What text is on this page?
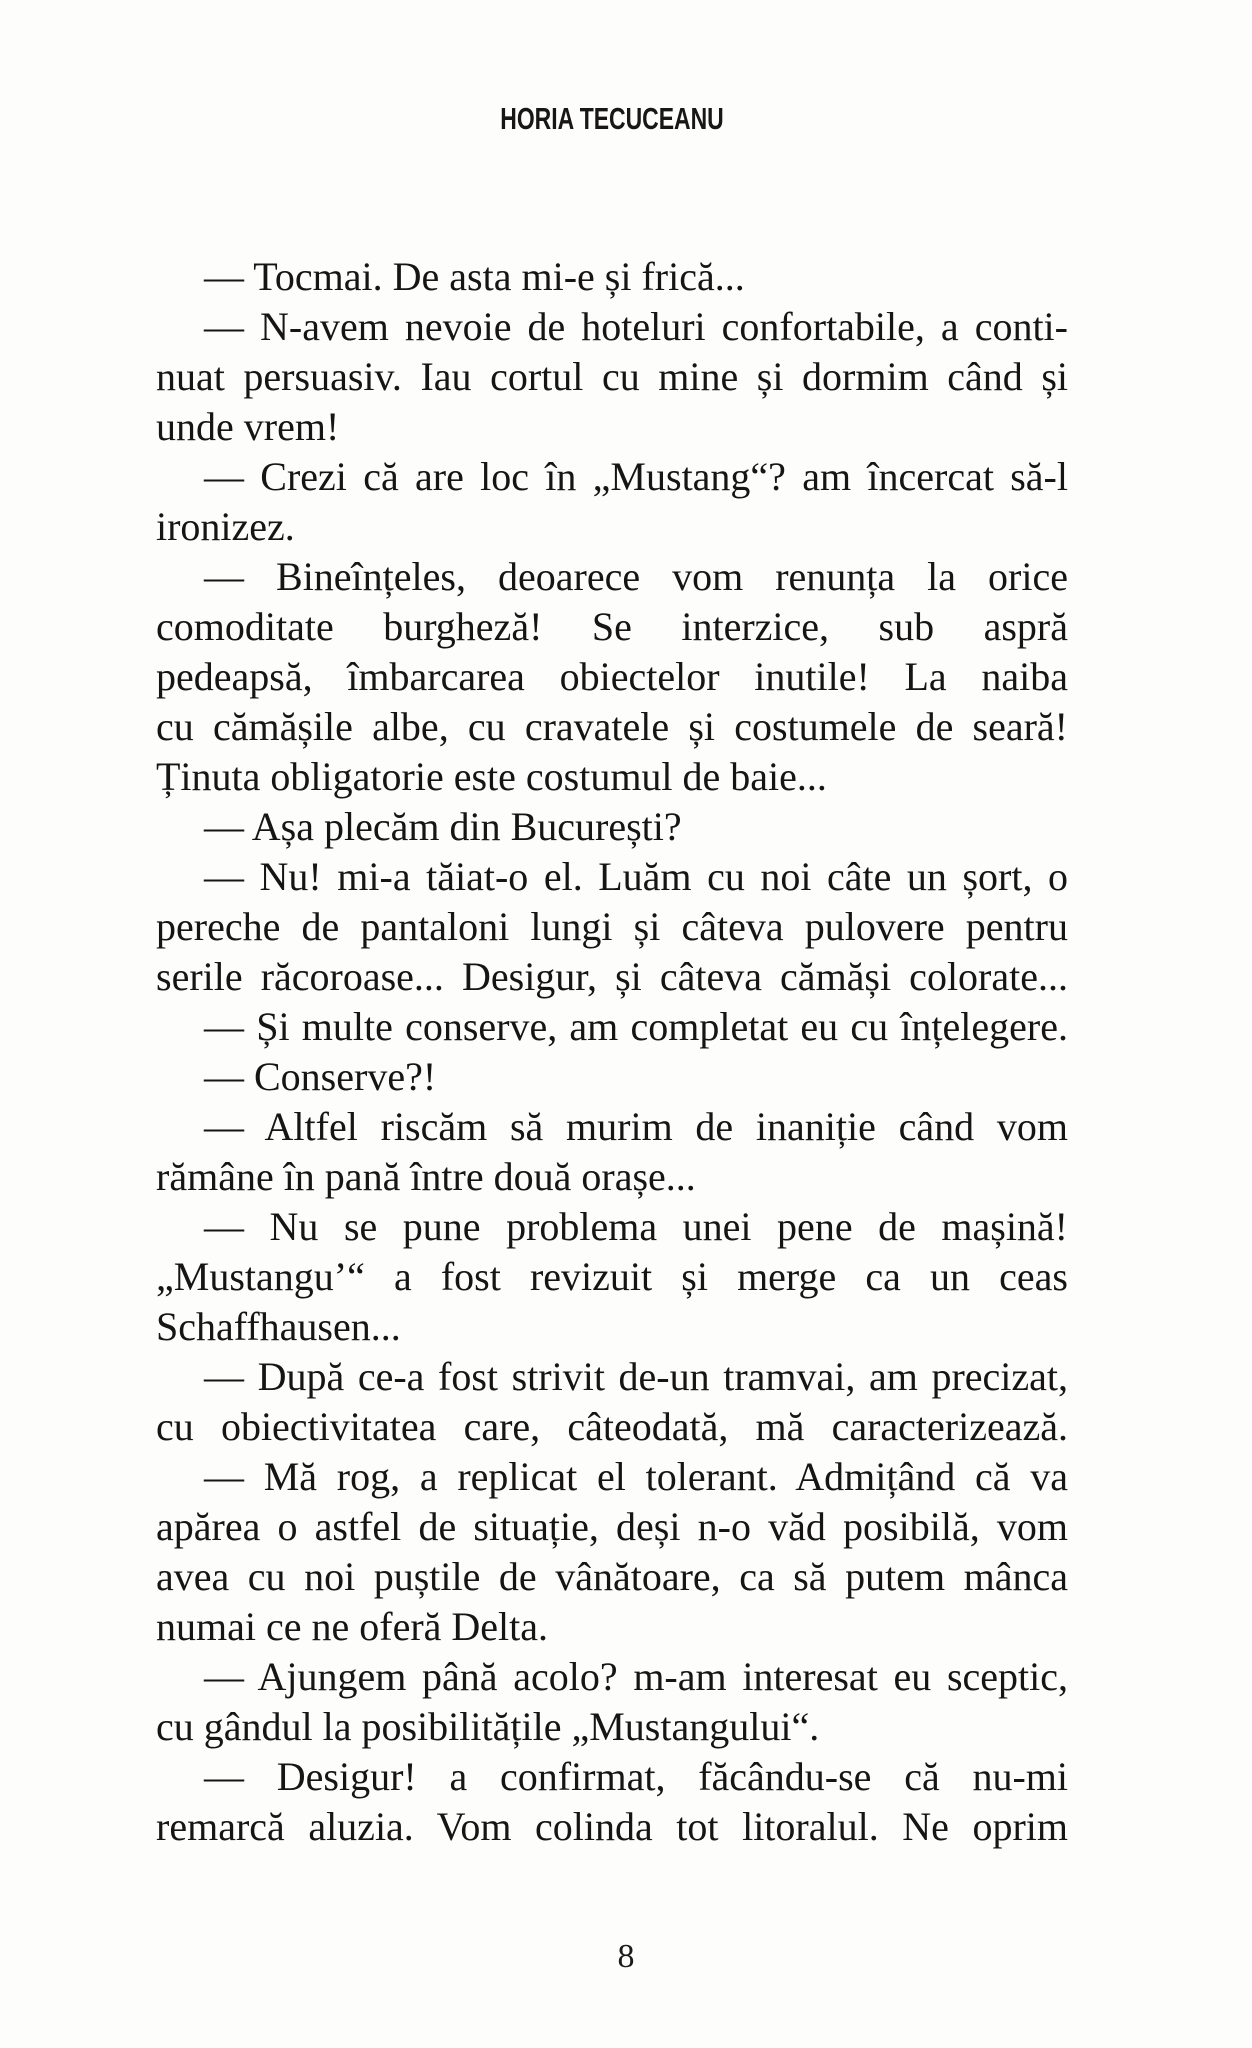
HORIA TECUCEANU
— Tocmai. De asta mi-e și frică...
— N-avem nevoie de hoteluri confortabile, a conti-
nuat persuasiv. Iau cortul cu mine și dormim când și
unde vrem!
— Crezi că are loc în „Mustang“? am încercat să-l
ironizez.
— Bineînțeles, deoarece vom renunța la orice
comoditate burgheză! Se interzice, sub aspră
pedeapsă, îmbarcarea obiectelor inutile! La naiba
cu cămășile albe, cu cravatele și costumele de seară!
Ținuta obligatorie este costumul de baie...
— Așa plecăm din București?
— Nu! mi-a tăiat-o el. Luăm cu noi câte un șort, o
pereche de pantaloni lungi și câteva pulovere pentru
serile răcoroase... Desigur, și câteva cămăși colorate...
— Și multe conserve, am completat eu cu înțelegere.
— Conserve?!
— Altfel riscăm să murim de inaniție când vom
rămâne în pană între două orașe...
— Nu se pune problema unei pene de mașină!
„Mustangu’“ a fost revizuit și merge ca un ceas
Schaffhausen...
— După ce-a fost strivit de-un tramvai, am precizat,
cu obiectivitatea care, câteodată, mă caracterizează.
— Mă rog, a replicat el tolerant. Admițând că va
apărea o astfel de situație, deși n-o văd posibilă, vom
avea cu noi puștile de vânătoare, ca să putem mânca
numai ce ne oferă Delta.
— Ajungem până acolo? m-am interesat eu sceptic,
cu gândul la posibilitățile „Mustangului“.
— Desigur! a confirmat, făcându-se că nu-mi
remarcă aluzia. Vom colinda tot litoralul. Ne oprim
8
